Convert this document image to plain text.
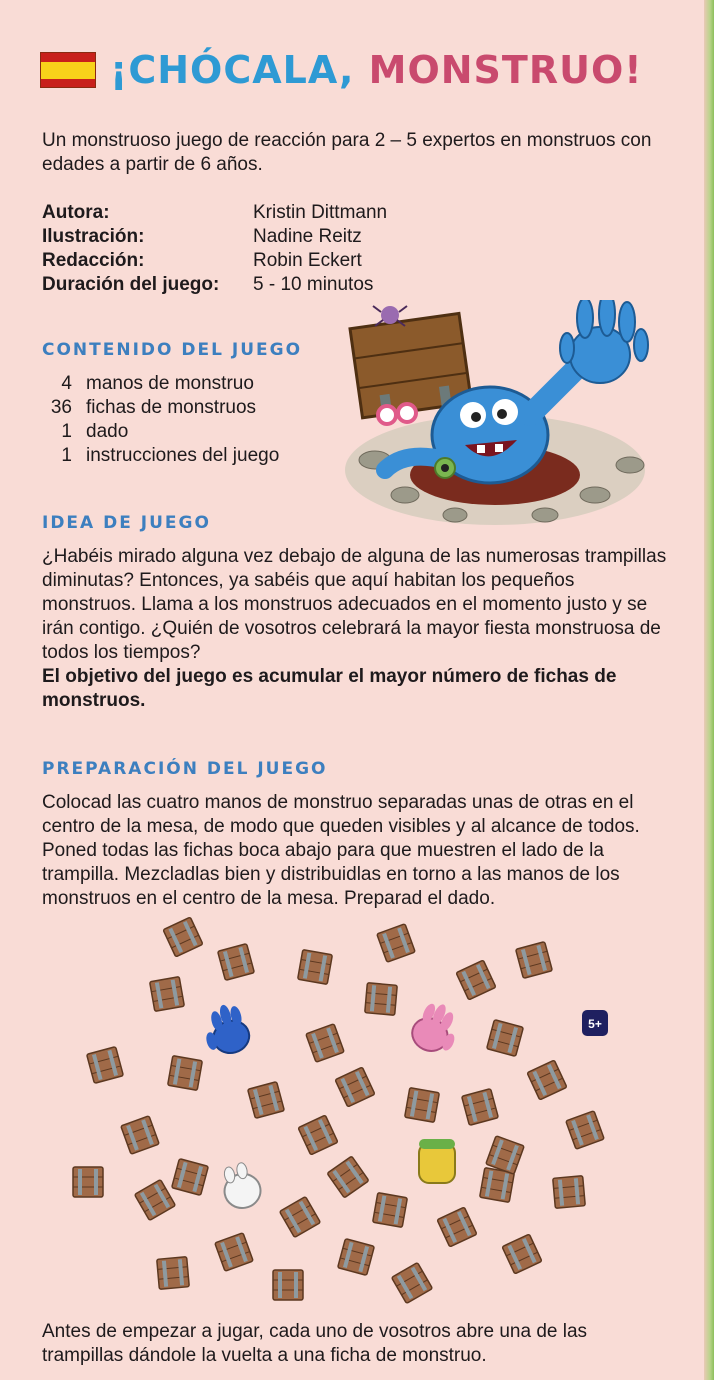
¡CHÓCALA, MONSTRUO!
Un monstruoso juego de reacción para 2 – 5 expertos en monstruos con edades a partir de 6 años.
Autora:	Kristin Dittmann
Ilustración:	Nadine Reitz
Redacción:	Robin Eckert
Duración del juego:	5 - 10 minutos
CONTENIDO DEL JUEGO
4 manos de monstruo
36 fichas de monstruos
1 dado
1 instrucciones del juego
IDEA DE JUEGO
¿Habéis mirado alguna vez debajo de alguna de las numerosas trampillas diminutas? Entonces, ya sabéis que aquí habitan los pequeños monstruos. Llama a los monstruos adecuados en el momento justo y se irán contigo. ¿Quién de vosotros celebrará la mayor fiesta monstruosa de todos los tiempos?
El objetivo del juego es acumular el mayor número de fichas de monstruos.
PREPARACIÓN DEL JUEGO
Colocad las cuatro manos de monstruo separadas unas de otras en el centro de la mesa, de modo que queden visibles y al alcance de todos. Poned todas las fichas boca abajo para que muestren el lado de la trampilla. Mezcladlas bien y distribuidlas en torno a las manos de los monstruos en el centro de la mesa. Preparad el dado.
5+
Antes de empezar a jugar, cada uno de vosotros abre una de las trampillas dándole la vuelta a una ficha de monstruo.
